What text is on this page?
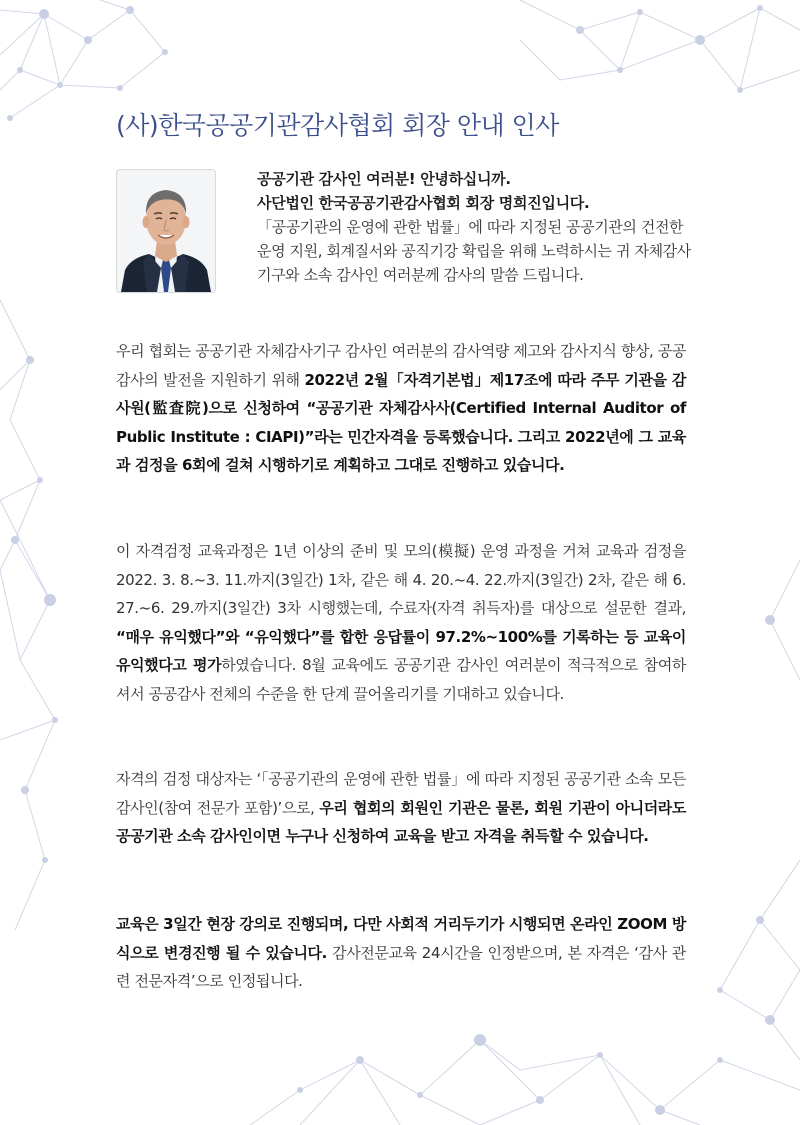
(사)한국공공기관감사협회 회장 안내 인사

공공기관 감사인 여러분! 안녕하십니까.

사단법인 한국공공기관감사협회 회장 명희진입니다.

「공공기관의 운영에 관한 법률」에 따라 지정된 공공기관의 건전한 운영 지원, 회계질서와 공직기강 확립을 위해 노력하시는 귀 자체감사기구와 소속 감사인 여러분께 감사의 말씀 드립니다.

우리 협회는 공공기관 자체감사기구 감사인 여러분의 감사역량 제고와 감사지식 향상, 공공감사의 발전을 지원하기 위해 2022년 2월「자격기본법」제17조에 따라 주무 기관을 감사원(監査院)으로 신청하여 “공공기관 자체감사사(Certified Internal Auditor of Public Institute : CIAPI)”라는 민간자격을 등록했습니다. 그리고 2022년에 그 교육과 검정을 6회에 걸쳐 시행하기로 계획하고 그대로 진행하고 있습니다.

이 자격검정 교육과정은 1년 이상의 준비 및 모의(模擬) 운영 과정을 거쳐 교육과 검정을 2022. 3. 8.~3. 11.까지(3일간) 1차, 같은 해 4. 20.~4. 22.까지(3일간) 2차, 같은 해 6. 27.~6. 29.까지(3일간) 3차 시행했는데, 수료자(자격 취득자)를 대상으로 설문한 결과, “매우 유익했다”와 “유익했다”를 합한 응답률이 97.2%~100%를 기록하는 등 교육이 유익했다고 평가하였습니다. 8월 교육에도 공공기관 감사인 여러분이 적극적으로 참여하셔서 공공감사 전체의 수준을 한 단계 끌어올리기를 기대하고 있습니다.

자격의 검정 대상자는 ‘「공공기관의 운영에 관한 법률」에 따라 지정된 공공기관 소속 모든 감사인(참여 전문가 포함)’으로, 우리 협회의 회원인 기관은 물론, 회원 기관이 아니더라도 공공기관 소속 감사인이면 누구나 신청하여 교육을 받고 자격을 취득할 수 있습니다.

교육은 3일간 현장 강의로 진행되며, 다만 사회적 거리두기가 시행되면 온라인 ZOOM 방식으로 변경진행 될 수 있습니다. 감사전문교육 24시간을 인정받으며, 본 자격은 ‘감사 관련 전문자격’으로 인정됩니다.
